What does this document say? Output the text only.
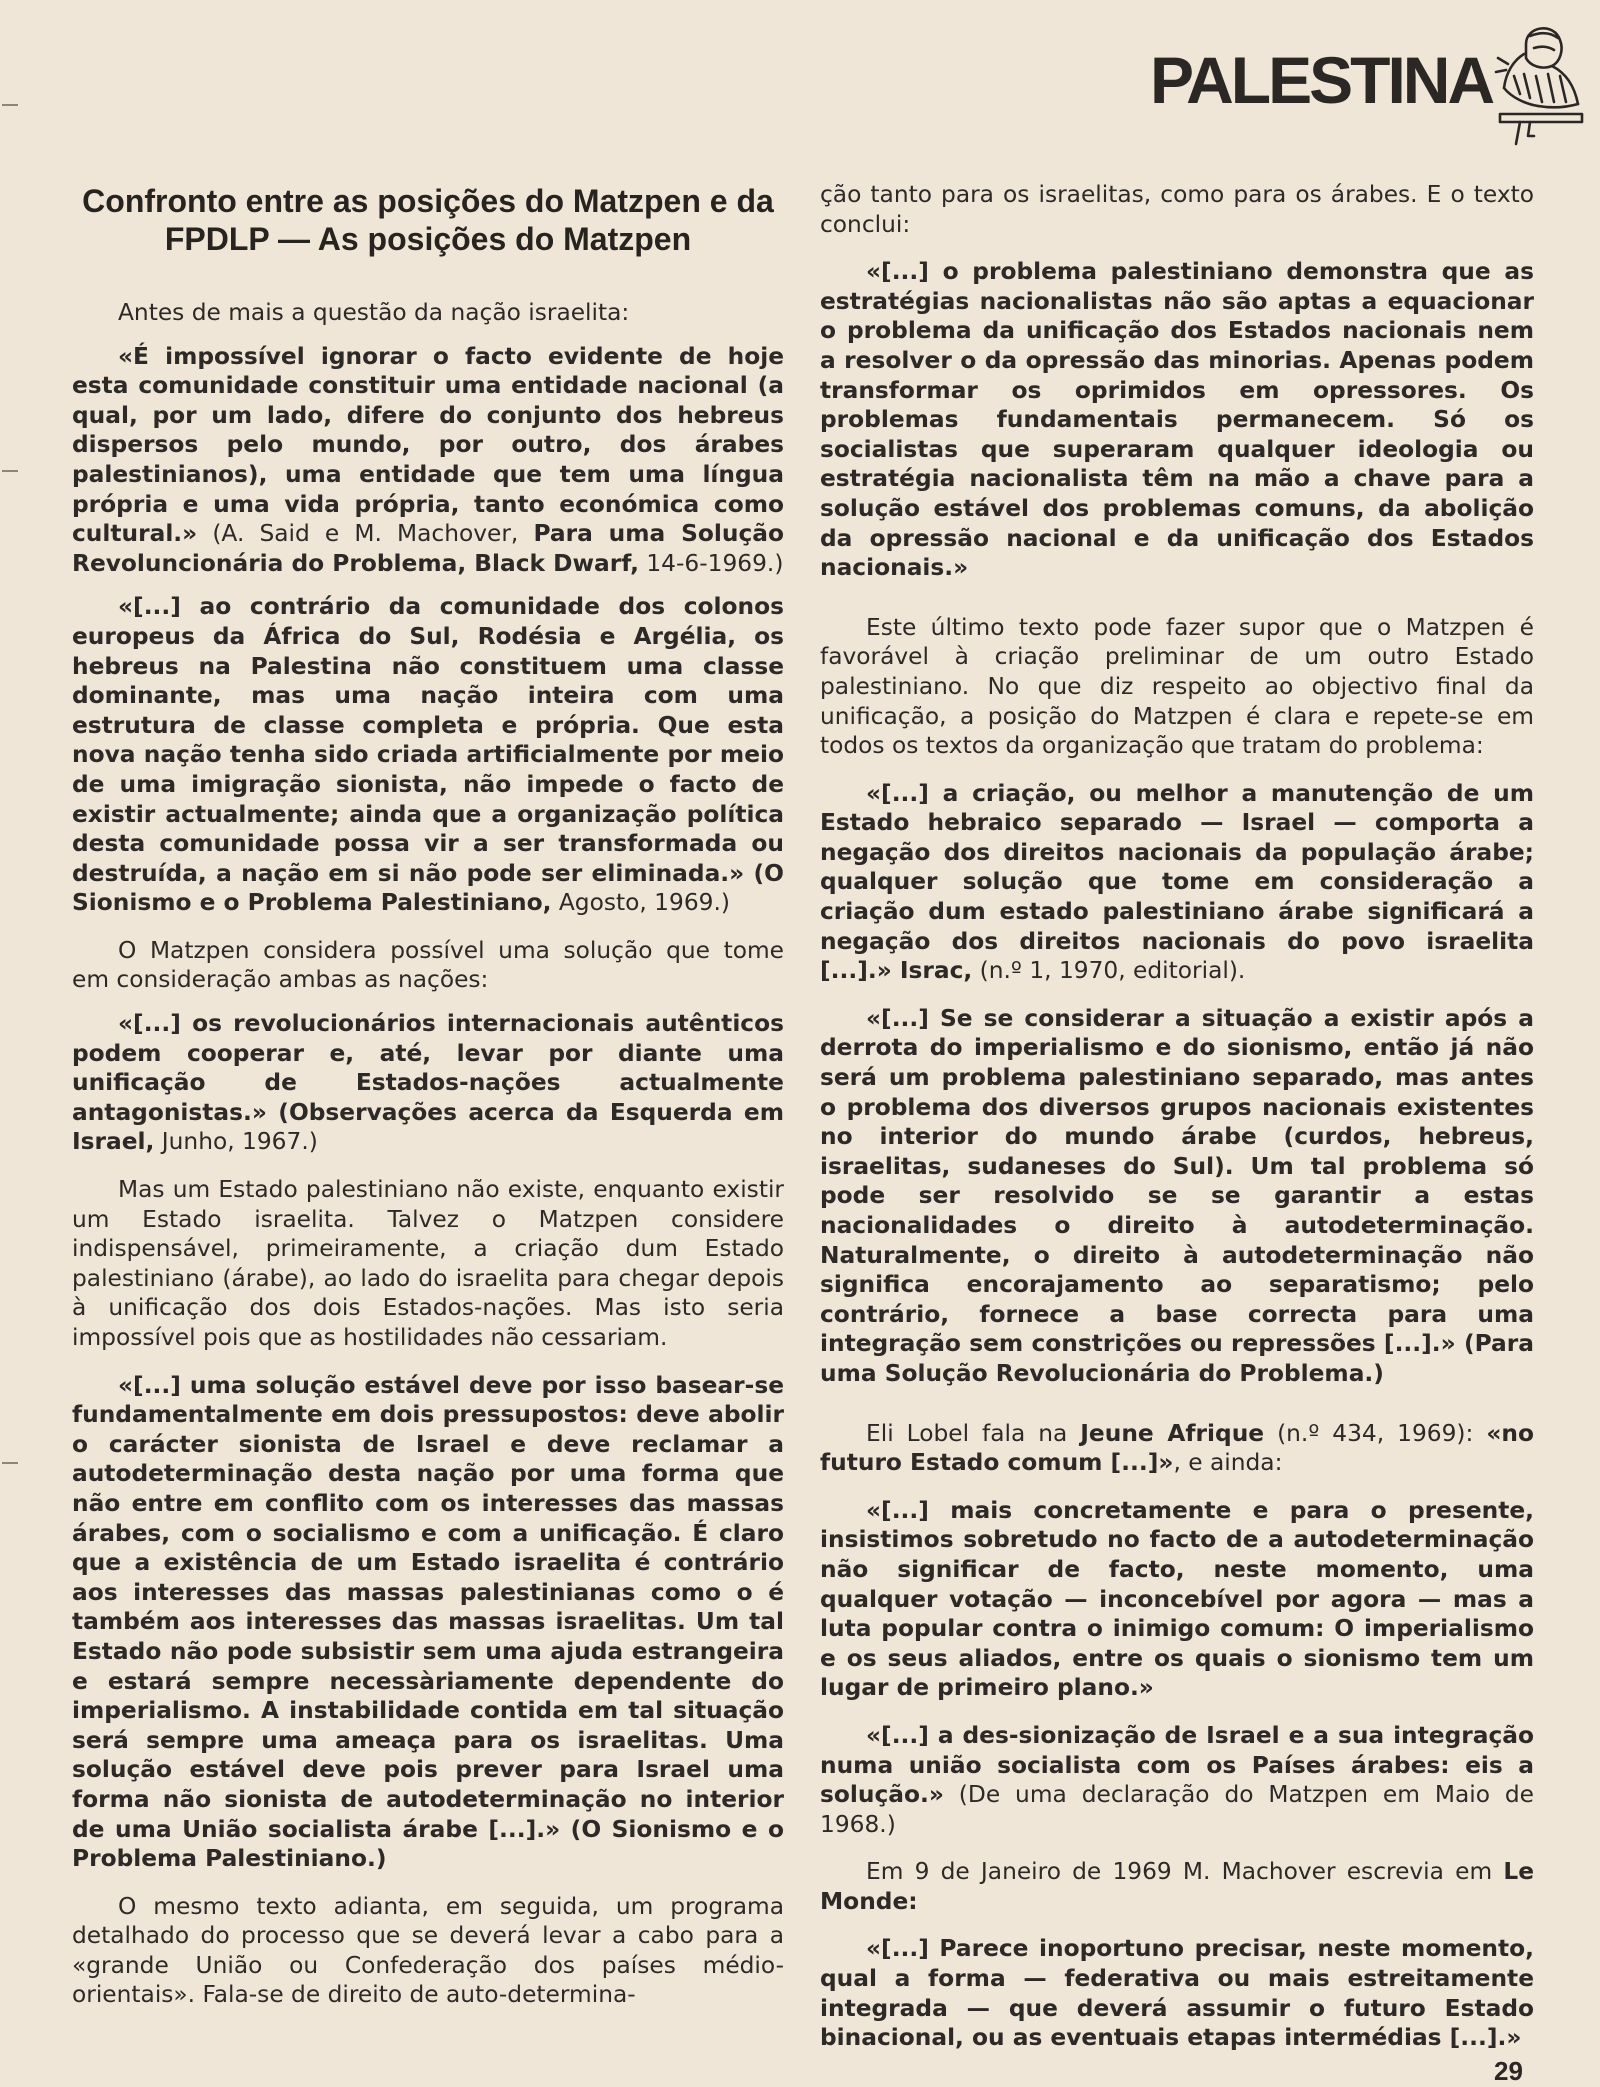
PALESTINA
Confronto entre as posições do Matzpen e da FPDLP — As posições do Matzpen

Antes de mais a questão da nação israelita:

«É impossível ignorar o facto evidente de hoje esta comunidade constituir uma entidade nacional (a qual, por um lado, difere do conjunto dos hebreus dispersos pelo mundo, por outro, dos árabes palestinianos), uma entidade que tem uma língua própria e uma vida própria, tanto económica como cultural.» (A. Said e M. Machover, Para uma Solução Revoluncionária do Problema, Black Dwarf, 14-6-1969.)

«[...] ao contrário da comunidade dos colonos europeus da África do Sul, Rodésia e Argélia, os hebreus na Palestina não constituem uma classe dominante, mas uma nação inteira com uma estrutura de classe completa e própria. Que esta nova nação tenha sido criada artificialmente por meio de uma imigração sionista, não impede o facto de existir actualmente; ainda que a organização política desta comunidade possa vir a ser transformada ou destruída, a nação em si não pode ser eliminada.» (O Sionismo e o Problema Palestiniano, Agosto, 1969.)

O Matzpen considera possível uma solução que tome em consideração ambas as nações:

«[...] os revolucionários internacionais autênticos podem cooperar e, até, levar por diante uma unificação de Estados-nações actualmente antagonistas.» (Observações acerca da Esquerda em Israel, Junho, 1967.)

Mas um Estado palestiniano não existe, enquanto existir um Estado israelita. Talvez o Matzpen considere indispensável, primeiramente, a criação dum Estado palestiniano (árabe), ao lado do israelita para chegar depois à unificação dos dois Estados-nações. Mas isto seria impossível pois que as hostilidades não cessariam.

«[...] uma solução estável deve por isso basear-se fundamentalmente em dois pressupostos: deve abolir o carácter sionista de Israel e deve reclamar a autodeterminação desta nação por uma forma que não entre em conflito com os interesses das massas árabes, com o socialismo e com a unificação. É claro que a existência de um Estado israelita é contrário aos interesses das massas palestinianas como o é também aos interesses das massas israelitas. Um tal Estado não pode subsistir sem uma ajuda estrangeira e estará sempre necessàriamente dependente do imperialismo. A instabilidade contida em tal situação será sempre uma ameaça para os israelitas. Uma solução estável deve pois prever para Israel uma forma não sionista de autodeterminação no interior de uma União socialista árabe [...].» (O Sionismo e o Problema Palestiniano.)

O mesmo texto adianta, em seguida, um programa detalhado do processo que se deverá levar a cabo para a «grande União ou Confederação dos países médio-orientais». Fala-se de direito de auto-determina-

ção tanto para os israelitas, como para os árabes. E o texto conclui:

«[...] o problema palestiniano demonstra que as estratégias nacionalistas não são aptas a equacionar o problema da unificação dos Estados nacionais nem a resolver o da opressão das minorias. Apenas podem transformar os oprimidos em opressores. Os problemas fundamentais permanecem. Só os socialistas que superaram qualquer ideologia ou estratégia nacionalista têm na mão a chave para a solução estável dos problemas comuns, da abolição da opressão nacional e da unificação dos Estados nacionais.»

Este último texto pode fazer supor que o Matzpen é favorável à criação preliminar de um outro Estado palestiniano. No que diz respeito ao objectivo final da unificação, a posição do Matzpen é clara e repete-se em todos os textos da organização que tratam do problema:

«[...] a criação, ou melhor a manutenção de um Estado hebraico separado — Israel — comporta a negação dos direitos nacionais da população árabe; qualquer solução que tome em consideração a criação dum estado palestiniano árabe significará a negação dos direitos nacionais do povo israelita [...].» Israc, (n.º 1, 1970, editorial).

«[...] Se se considerar a situação a existir após a derrota do imperialismo e do sionismo, então já não será um problema palestiniano separado, mas antes o problema dos diversos grupos nacionais existentes no interior do mundo árabe (curdos, hebreus, israelitas, sudaneses do Sul). Um tal problema só pode ser resolvido se se garantir a estas nacionalidades o direito à autodeterminação. Naturalmente, o direito à autodeterminação não significa encorajamento ao separatismo; pelo contrário, fornece a base correcta para uma integração sem constrições ou repressões [...].» (Para uma Solução Revolucionária do Problema.)

Eli Lobel fala na Jeune Afrique (n.º 434, 1969): «no futuro Estado comum [...]», e ainda:

«[...] mais concretamente e para o presente, insistimos sobretudo no facto de a autodeterminação não significar de facto, neste momento, uma qualquer votação — inconcebível por agora — mas a luta popular contra o inimigo comum: O imperialismo e os seus aliados, entre os quais o sionismo tem um lugar de primeiro plano.»

«[...] a des-sionização de Israel e a sua integração numa união socialista com os Países árabes: eis a solução.» (De uma declaração do Matzpen em Maio de 1968.)

Em 9 de Janeiro de 1969 M. Machover escrevia em Le Monde:

«[...] Parece inoportuno precisar, neste momento, qual a forma — federativa ou mais estreitamente integrada — que deverá assumir o futuro Estado binacional, ou as eventuais etapas intermédias [...].»

29
